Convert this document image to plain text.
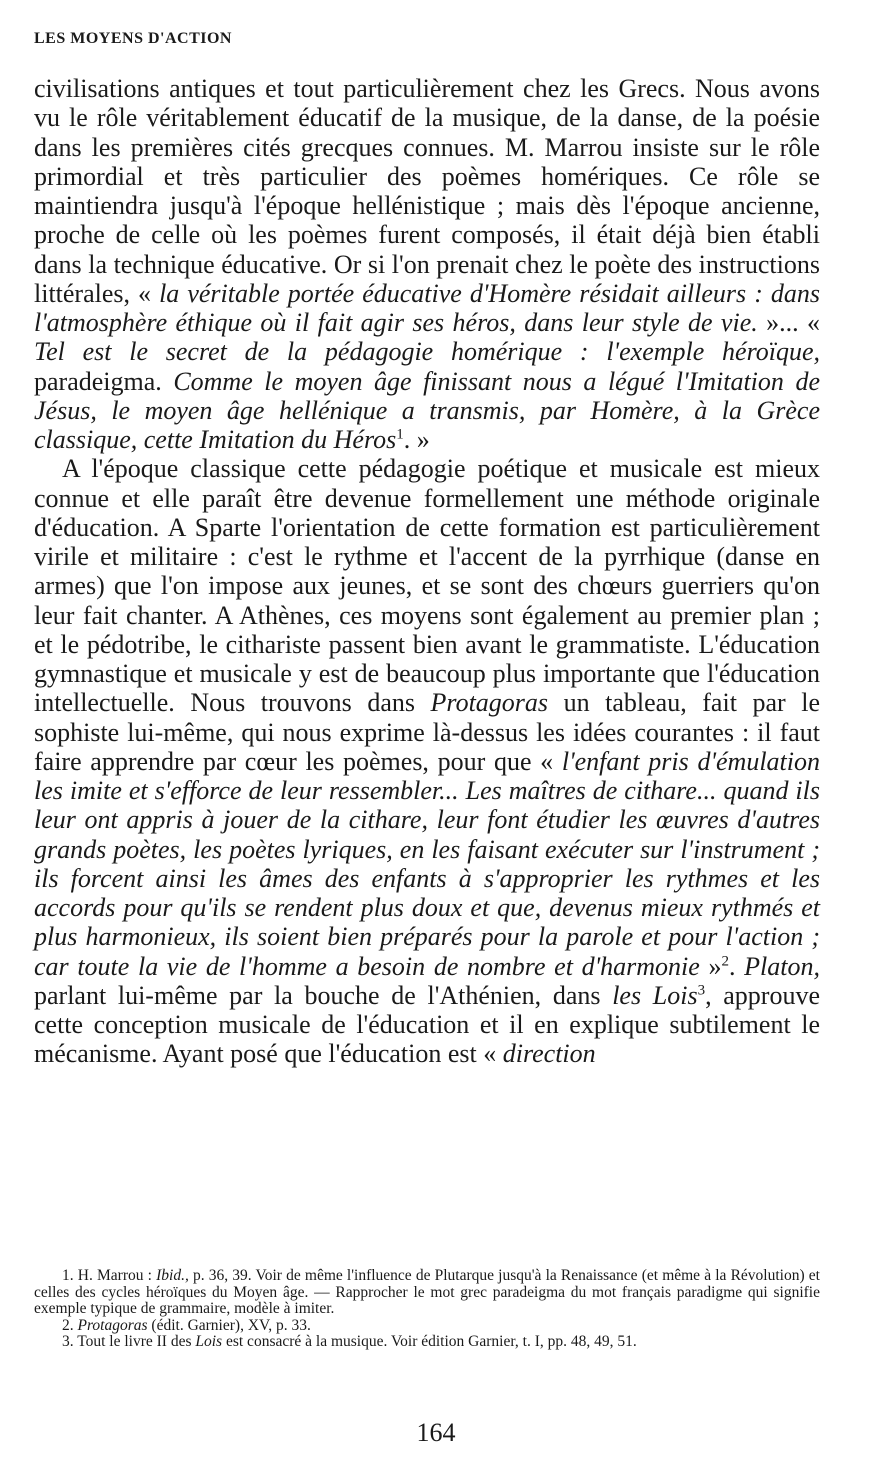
LES MOYENS D'ACTION

civilisations antiques et tout particulièrement chez les Grecs. Nous avons vu le rôle véritablement éducatif de la musique, de la danse, de la poésie dans les premières cités grecques connues. M. Marrou insiste sur le rôle primordial et très particulier des poèmes homériques. Ce rôle se maintiendra jusqu'à l'époque hellénistique ; mais dès l'époque ancienne, proche de celle où les poèmes furent composés, il était déjà bien établi dans la technique éducative. Or si l'on prenait chez le poète des instructions littérales, « la véritable portée éducative d'Homère résidait ailleurs : dans l'atmosphère éthique où il fait agir ses héros, dans leur style de vie. »... « Tel est le secret de la pédagogie homérique : l'exemple héroïque, paradeigma. Comme le moyen âge finissant nous a légué l'Imitation de Jésus, le moyen âge hellénique a transmis, par Homère, à la Grèce classique, cette Imitation du Héros$^1$. »

A l'époque classique cette pédagogie poétique et musicale est mieux connue et elle paraît être devenue formellement une méthode originale d'éducation. A Sparte l'orientation de cette formation est particulièrement virile et militaire : c'est le rythme et l'accent de la pyrrhique (danse en armes) que l'on impose aux jeunes, et se sont des chœurs guerriers qu'on leur fait chanter. A Athènes, ces moyens sont également au premier plan ; et le pédotribe, le cithariste passent bien avant le grammatiste. L'éducation gymnastique et musicale y est de beaucoup plus importante que l'éducation intellectuelle. Nous trouvons dans Protagoras un tableau, fait par le sophiste lui-même, qui nous exprime là-dessus les idées courantes : il faut faire apprendre par cœur les poèmes, pour que « l'enfant pris d'émulation les imite et s'efforce de leur ressembler... Les maîtres de cithare... quand ils leur ont appris à jouer de la cithare, leur font étudier les œuvres d'autres grands poètes, les poètes lyriques, en les faisant exécuter sur l'instrument ; ils forcent ainsi les âmes des enfants à s'approprier les rythmes et les accords pour qu'ils se rendent plus doux et que, devenus mieux rythmés et plus harmonieux, ils soient bien préparés pour la parole et pour l'action ; car toute la vie de l'homme a besoin de nombre et d'harmonie »$^2$. Platon, parlant lui-même par la bouche de l'Athénien, dans les Lois$^3$, approuve cette conception musicale de l'éducation et il en explique subtilement le mécanisme. Ayant posé que l'éducation est « direction

1. H. Marrou : Ibid., p. 36, 39. Voir de même l'influence de Plutarque jusqu'à la Renaissance (et même à la Révolution) et celles des cycles héroïques du Moyen âge. — Rapprocher le mot grec paradeigma du mot français paradigme qui signifie exemple typique de grammaire, modèle à imiter.

2. Protagoras (édit. Garnier), XV, p. 33.

3. Tout le livre II des Lois est consacré à la musique. Voir édition Garnier, t. I, pp. 48, 49, 51.

164
